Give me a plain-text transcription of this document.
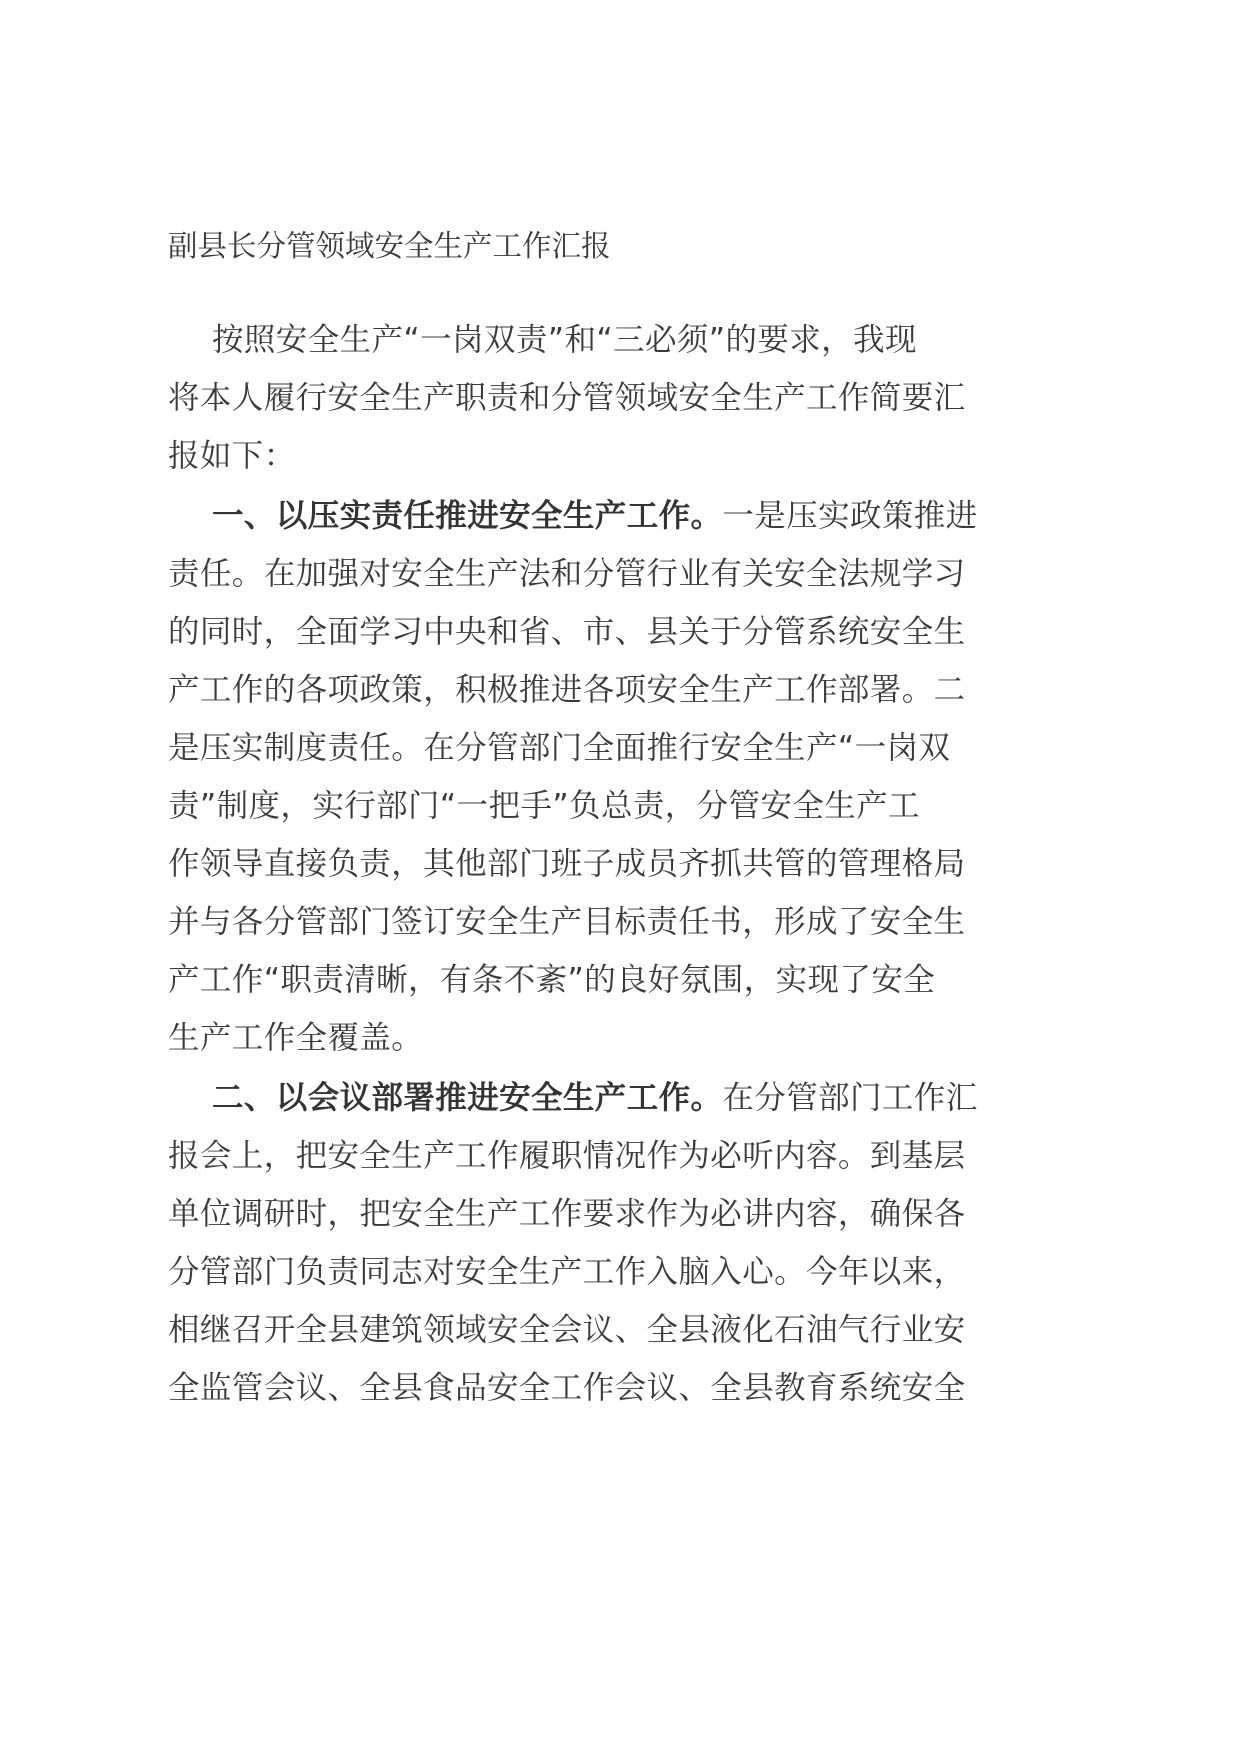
副县长分管领域安全生产工作汇报
按照安全生产“一岗双责”和“三必须”的要求，我现
将本人履行安全生产职责和分管领域安全生产工作简要汇
报如下：
一、以压实责任推进安全生产工作。一是压实政策推进
责任。在加强对安全生产法和分管行业有关安全法规学习
的同时，全面学习中央和省、市、县关于分管系统安全生
产工作的各项政策，积极推进各项安全生产工作部署。二
是压实制度责任。在分管部门全面推行安全生产“一岗双
责”制度，实行部门“一把手”负总责，分管安全生产工
作领导直接负责，其他部门班子成员齐抓共管的管理格局
并与各分管部门签订安全生产目标责任书，形成了安全生
产工作“职责清晰，有条不紊”的良好氛围，实现了安全
生产工作全覆盖。
二、以会议部署推进安全生产工作。在分管部门工作汇
报会上，把安全生产工作履职情况作为必听内容。到基层
单位调研时，把安全生产工作要求作为必讲内容，确保各
分管部门负责同志对安全生产工作入脑入心。今年以来，
相继召开全县建筑领域安全会议、全县液化石油气行业安
全监管会议、全县食品安全工作会议、全县教育系统安全
